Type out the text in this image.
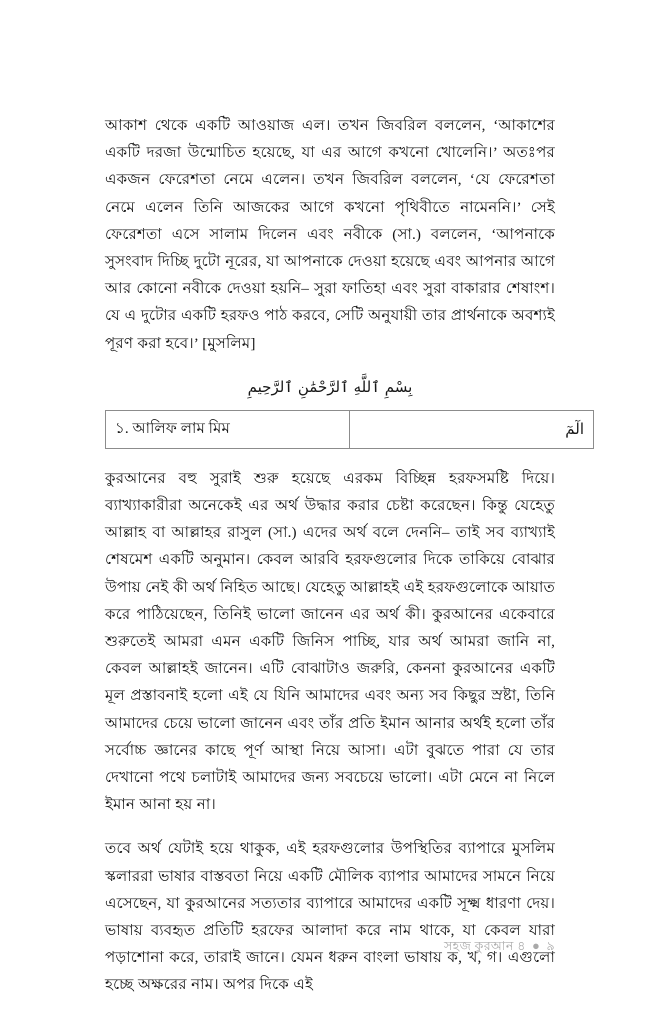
আকাশ থেকে একটি আওয়াজ এল। তখন জিবরিল বললেন, ‘আকাশের একটি দরজা উন্মোচিত হয়েছে, যা এর আগে কখনো খোলেনি।’ অতঃপর একজন ফেরেশতা নেমে এলেন। তখন জিবরিল বললেন, ‘যে ফেরেশতা নেমে এলেন তিনি আজকের আগে কখনো পৃথিবীতে নামেননি।’ সেই ফেরেশতা এসে সালাম দিলেন এবং নবীকে (সা.) বললেন, ‘আপনাকে সুসংবাদ দিচ্ছি দুটো নূরের, যা আপনাকে দেওয়া হয়েছে এবং আপনার আগে আর কোনো নবীকে দেওয়া হয়নি– সুরা ফাতিহা এবং সুরা বাকারার শেষাংশ। যে এ দুটোর একটি হরফও পাঠ করবে, সেটি অনুযায়ী তার প্রার্থনাকে অবশ্যই পূরণ করা হবে।’ [মুসলিম]

بِسْمِ ٱللَّهِ ٱلرَّحْمَٰنِ ٱلرَّحِيمِ
১. আলিফ লাম মিম	الٓمٓ

কুরআনের বহু সুরাই শুরু হয়েছে এরকম বিচ্ছিন্ন হরফসমষ্টি দিয়ে। ব্যাখ্যাকারীরা অনেকেই এর অর্থ উদ্ধার করার চেষ্টা করেছেন। কিন্তু যেহেতু আল্লাহ বা আল্লাহর রাসুল (সা.) এদের অর্থ বলে দেননি– তাই সব ব্যাখ্যাই শেষমেশ একটি অনুমান। কেবল আরবি হরফগুলোর দিকে তাকিয়ে বোঝার উপায় নেই কী অর্থ নিহিত আছে। যেহেতু আল্লাহই এই হরফগুলোকে আয়াত করে পাঠিয়েছেন, তিনিই ভালো জানেন এর অর্থ কী। কুরআনের একেবারে শুরুতেই আমরা এমন একটি জিনিস পাচ্ছি, যার অর্থ আমরা জানি না, কেবল আল্লাহই জানেন। এটি বোঝাটাও জরুরি, কেননা কুরআনের একটি মূল প্রস্তাবনাই হলো এই যে যিনি আমাদের এবং অন্য সব কিছুর স্রষ্টা, তিনি আমাদের চেয়ে ভালো জানেন এবং তাঁর প্রতি ইমান আনার অর্থই হলো তাঁর সর্বোচ্চ জ্ঞানের কাছে পূর্ণ আস্থা নিয়ে আসা। এটা বুঝতে পারা যে তার দেখানো পথে চলাটাই আমাদের জন্য সবচেয়ে ভালো। এটা মেনে না নিলে ইমান আনা হয় না।

তবে অর্থ যেটাই হয়ে থাকুক, এই হরফগুলোর উপস্থিতির ব্যাপারে মুসলিম স্কলাররা ভাষার বাস্তবতা নিয়ে একটি মৌলিক ব্যাপার আমাদের সামনে নিয়ে এসেছেন, যা কুরআনের সত্যতার ব্যাপারে আমাদের একটি সূক্ষ্ম ধারণা দেয়। ভাষায় ব্যবহৃত প্রতিটি হরফের আলাদা করে নাম থাকে, যা কেবল যারা পড়াশোনা করে, তারাই জানে। যেমন ধরুন বাংলা ভাষায় ক, খ, গ। এগুলো হচ্ছে অক্ষরের নাম। অপর দিকে এই

সহজ কুরআন ৪ ● ৯
